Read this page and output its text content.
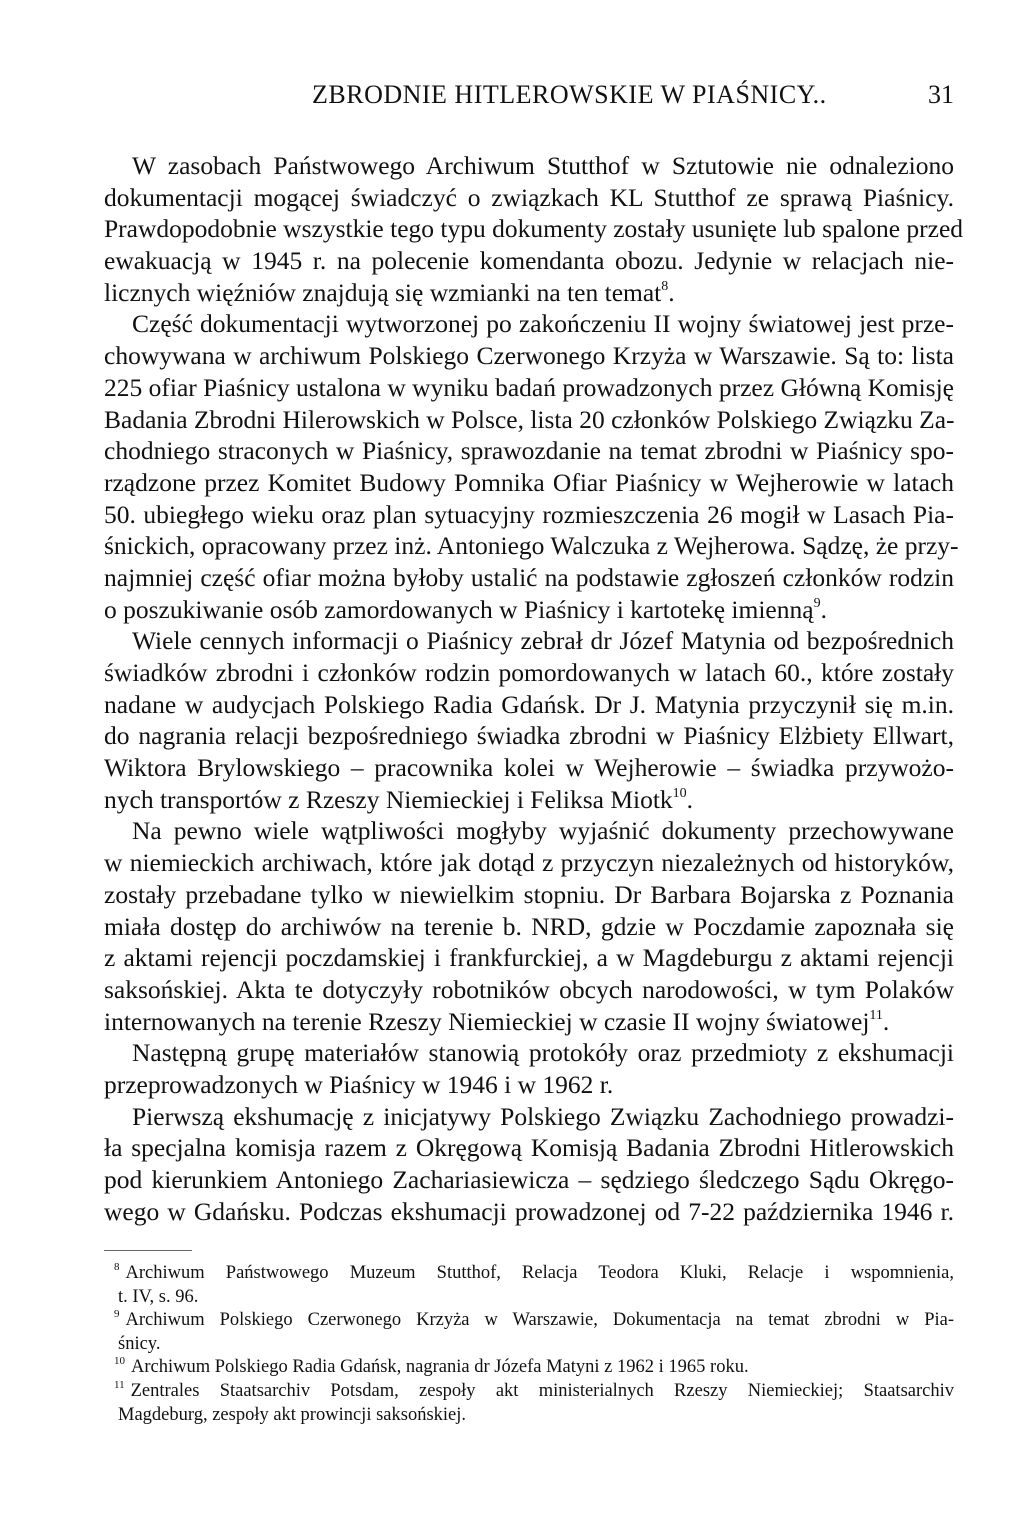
ZBRODNIE HITLEROWSKIE W PIAŚNICY..	31
W zasobach Państwowego Archiwum Stutthof w Sztutowie nie odnaleziono
dokumentacji mogącej świadczyć o związkach KL Stutthof ze sprawą Piaśnicy.
Prawdopodobnie wszystkie tego typu dokumenty zostały usunięte lub spalone przed
ewakuacją w 1945 r. na polecenie komendanta obozu. Jedynie w relacjach nie-
licznych więźniów znajdują się wzmianki na ten temat$^8$.
Część dokumentacji wytworzonej po zakończeniu II wojny światowej jest prze-
chowywana w archiwum Polskiego Czerwonego Krzyża w Warszawie. Są to: lista
225 ofiar Piaśnicy ustalona w wyniku badań prowadzonych przez Główną Komisję
Badania Zbrodni Hilerowskich w Polsce, lista 20 członków Polskiego Związku Za-
chodniego straconych w Piaśnicy, sprawozdanie na temat zbrodni w Piaśnicy spo-
rządzone przez Komitet Budowy Pomnika Ofiar Piaśnicy w Wejherowie w latach
50. ubiegłego wieku oraz plan sytuacyjny rozmieszczenia 26 mogił w Lasach Pia-
śnickich, opracowany przez inż. Antoniego Walczuka z Wejherowa. Sądzę, że przy-
najmniej część ofiar można byłoby ustalić na podstawie zgłoszeń członków rodzin
o poszukiwanie osób zamordowanych w Piaśnicy i kartotekę imienną$^9$.
Wiele cennych informacji o Piaśnicy zebrał dr Józef Matynia od bezpośrednich
świadków zbrodni i członków rodzin pomordowanych w latach 60., które zostały
nadane w audycjach Polskiego Radia Gdańsk. Dr J. Matynia przyczynił się m.in.
do nagrania relacji bezpośredniego świadka zbrodni w Piaśnicy Elżbiety Ellwart,
Wiktora Brylowskiego – pracownika kolei w Wejherowie – świadka przywożo-
nych transportów z Rzeszy Niemieckiej i Feliksa Miotk$^{10}$.
Na pewno wiele wątpliwości mogłyby wyjaśnić dokumenty przechowywane
w niemieckich archiwach, które jak dotąd z przyczyn niezależnych od historyków,
zostały przebadane tylko w niewielkim stopniu. Dr Barbara Bojarska z Poznania
miała dostęp do archiwów na terenie b. NRD, gdzie w Poczdamie zapoznała się
z aktami rejencji poczdamskiej i frankfurckiej, a w Magdeburgu z aktami rejencji
saksońskiej. Akta te dotyczyły robotników obcych narodowości, w tym Polaków
internowanych na terenie Rzeszy Niemieckiej w czasie II wojny światowej$^{11}$.
Następną grupę materiałów stanowią protokóły oraz przedmioty z ekshumacji
przeprowadzonych w Piaśnicy w 1946 i w 1962 r.
Pierwszą ekshumację z inicjatywy Polskiego Związku Zachodniego prowadzi-
ła specjalna komisja razem z Okręgową Komisją Badania Zbrodni Hitlerowskich
pod kierunkiem Antoniego Zachariasiewicza – sędziego śledczego Sądu Okręgo-
wego w Gdańsku. Podczas ekshumacji prowadzonej od 7-22 października 1946 r.
$^8$ Archiwum Państwowego Muzeum Stutthof, Relacja Teodora Kluki, Relacje i wspomnienia,
t. IV, s. 96.
$^9$ Archiwum Polskiego Czerwonego Krzyża w Warszawie, Dokumentacja na temat zbrodni w Pia-
śnicy.
$^{10}$ Archiwum Polskiego Radia Gdańsk, nagrania dr Józefa Matyni z 1962 i 1965 roku.
$^{11}$ Zentrales Staatsarchiv Potsdam, zespoły akt ministerialnych Rzeszy Niemieckiej; Staatsarchiv
Magdeburg, zespoły akt prowincji saksońskiej.
